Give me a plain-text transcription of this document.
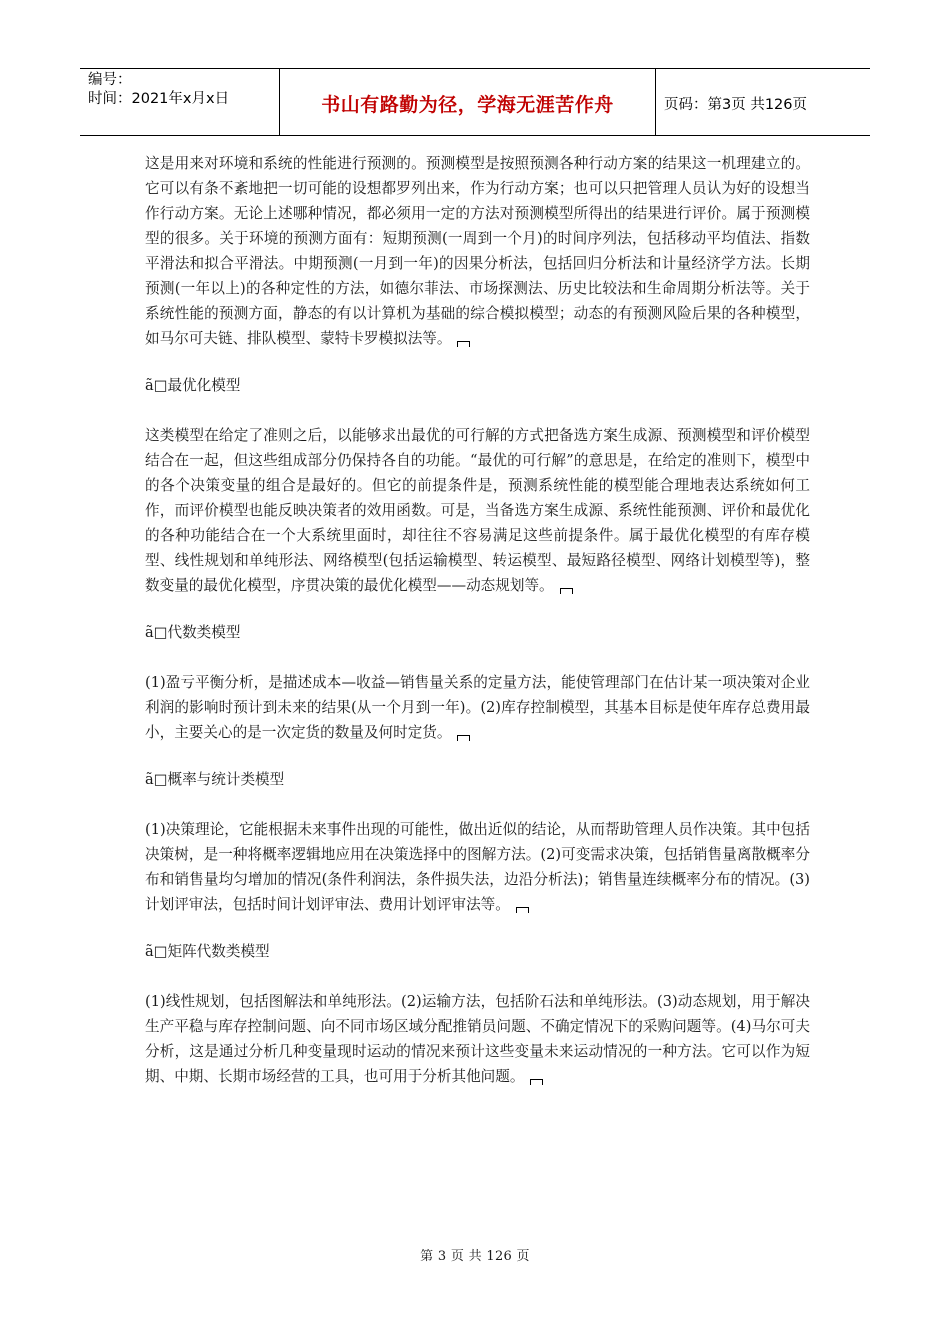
编号：
时间：2021年x月x日	书山有路勤为径，学海无涯苦作舟	页码：第3页 共126页

这是用来对环境和系统的性能进行预测的。预测模型是按照预测各种行动方案的结果这一机理建立的。它可以有条不紊地把一切可能的设想都罗列出来，作为行动方案；也可以只把管理人员认为好的设想当作行动方案。无论上述哪种情况，都必须用一定的方法对预测模型所得出的结果进行评价。属于预测模型的很多。关于环境的预测方面有：短期预测(一周到一个月)的时间序列法，包括移动平均值法、指数平滑法和拟合平滑法。中期预测(一月到一年)的因果分析法，包括回归分析法和计量经济学方法。长期预测(一年以上)的各种定性的方法，如德尔菲法、市场探测法、历史比较法和生命周期分析法等。关于系统性能的预测方面，静态的有以计算机为基础的综合模拟模型；动态的有预测风险后果的各种模型，如马尔可夫链、排队模型、蒙特卡罗模拟法等。

ã□最优化模型

这类模型在给定了准则之后，以能够求出最优的可行解的方式把备选方案生成源、预测模型和评价模型结合在一起，但这些组成部分仍保持各自的功能。“最优的可行解”的意思是，在给定的准则下，模型中的各个决策变量的组合是最好的。但它的前提条件是，预测系统性能的模型能合理地表达系统如何工作，而评价模型也能反映决策者的效用函数。可是，当备选方案生成源、系统性能预测、评价和最优化的各种功能结合在一个大系统里面时，却往往不容易满足这些前提条件。属于最优化模型的有库存模型、线性规划和单纯形法、网络模型(包括运输模型、转运模型、最短路径模型、网络计划模型等)，整数变量的最优化模型，序贯决策的最优化模型——动态规划等。

ã□代数类模型

(1)盈亏平衡分析，是描述成本—收益—销售量关系的定量方法，能使管理部门在估计某一项决策对企业利润的影响时预计到未来的结果(从一个月到一年)。(2)库存控制模型，其基本目标是使年库存总费用最小，主要关心的是一次定货的数量及何时定货。

ã□概率与统计类模型

(1)决策理论，它能根据未来事件出现的可能性，做出近似的结论，从而帮助管理人员作决策。其中包括决策树，是一种将概率逻辑地应用在决策选择中的图解方法。(2)可变需求决策，包括销售量离散概率分布和销售量均匀增加的情况(条件利润法，条件损失法，边沿分析法)；销售量连续概率分布的情况。(3)计划评审法，包括时间计划评审法、费用计划评审法等。

ã□矩阵代数类模型

(1)线性规划，包括图解法和单纯形法。(2)运输方法，包括阶石法和单纯形法。(3)动态规划，用于解决生产平稳与库存控制问题、向不同市场区域分配推销员问题、不确定情况下的采购问题等。(4)马尔可夫分析，这是通过分析几种变量现时运动的情况来预计这些变量未来运动情况的一种方法。它可以作为短期、中期、长期市场经营的工具，也可用于分析其他问题。

第 3 页 共 126 页
